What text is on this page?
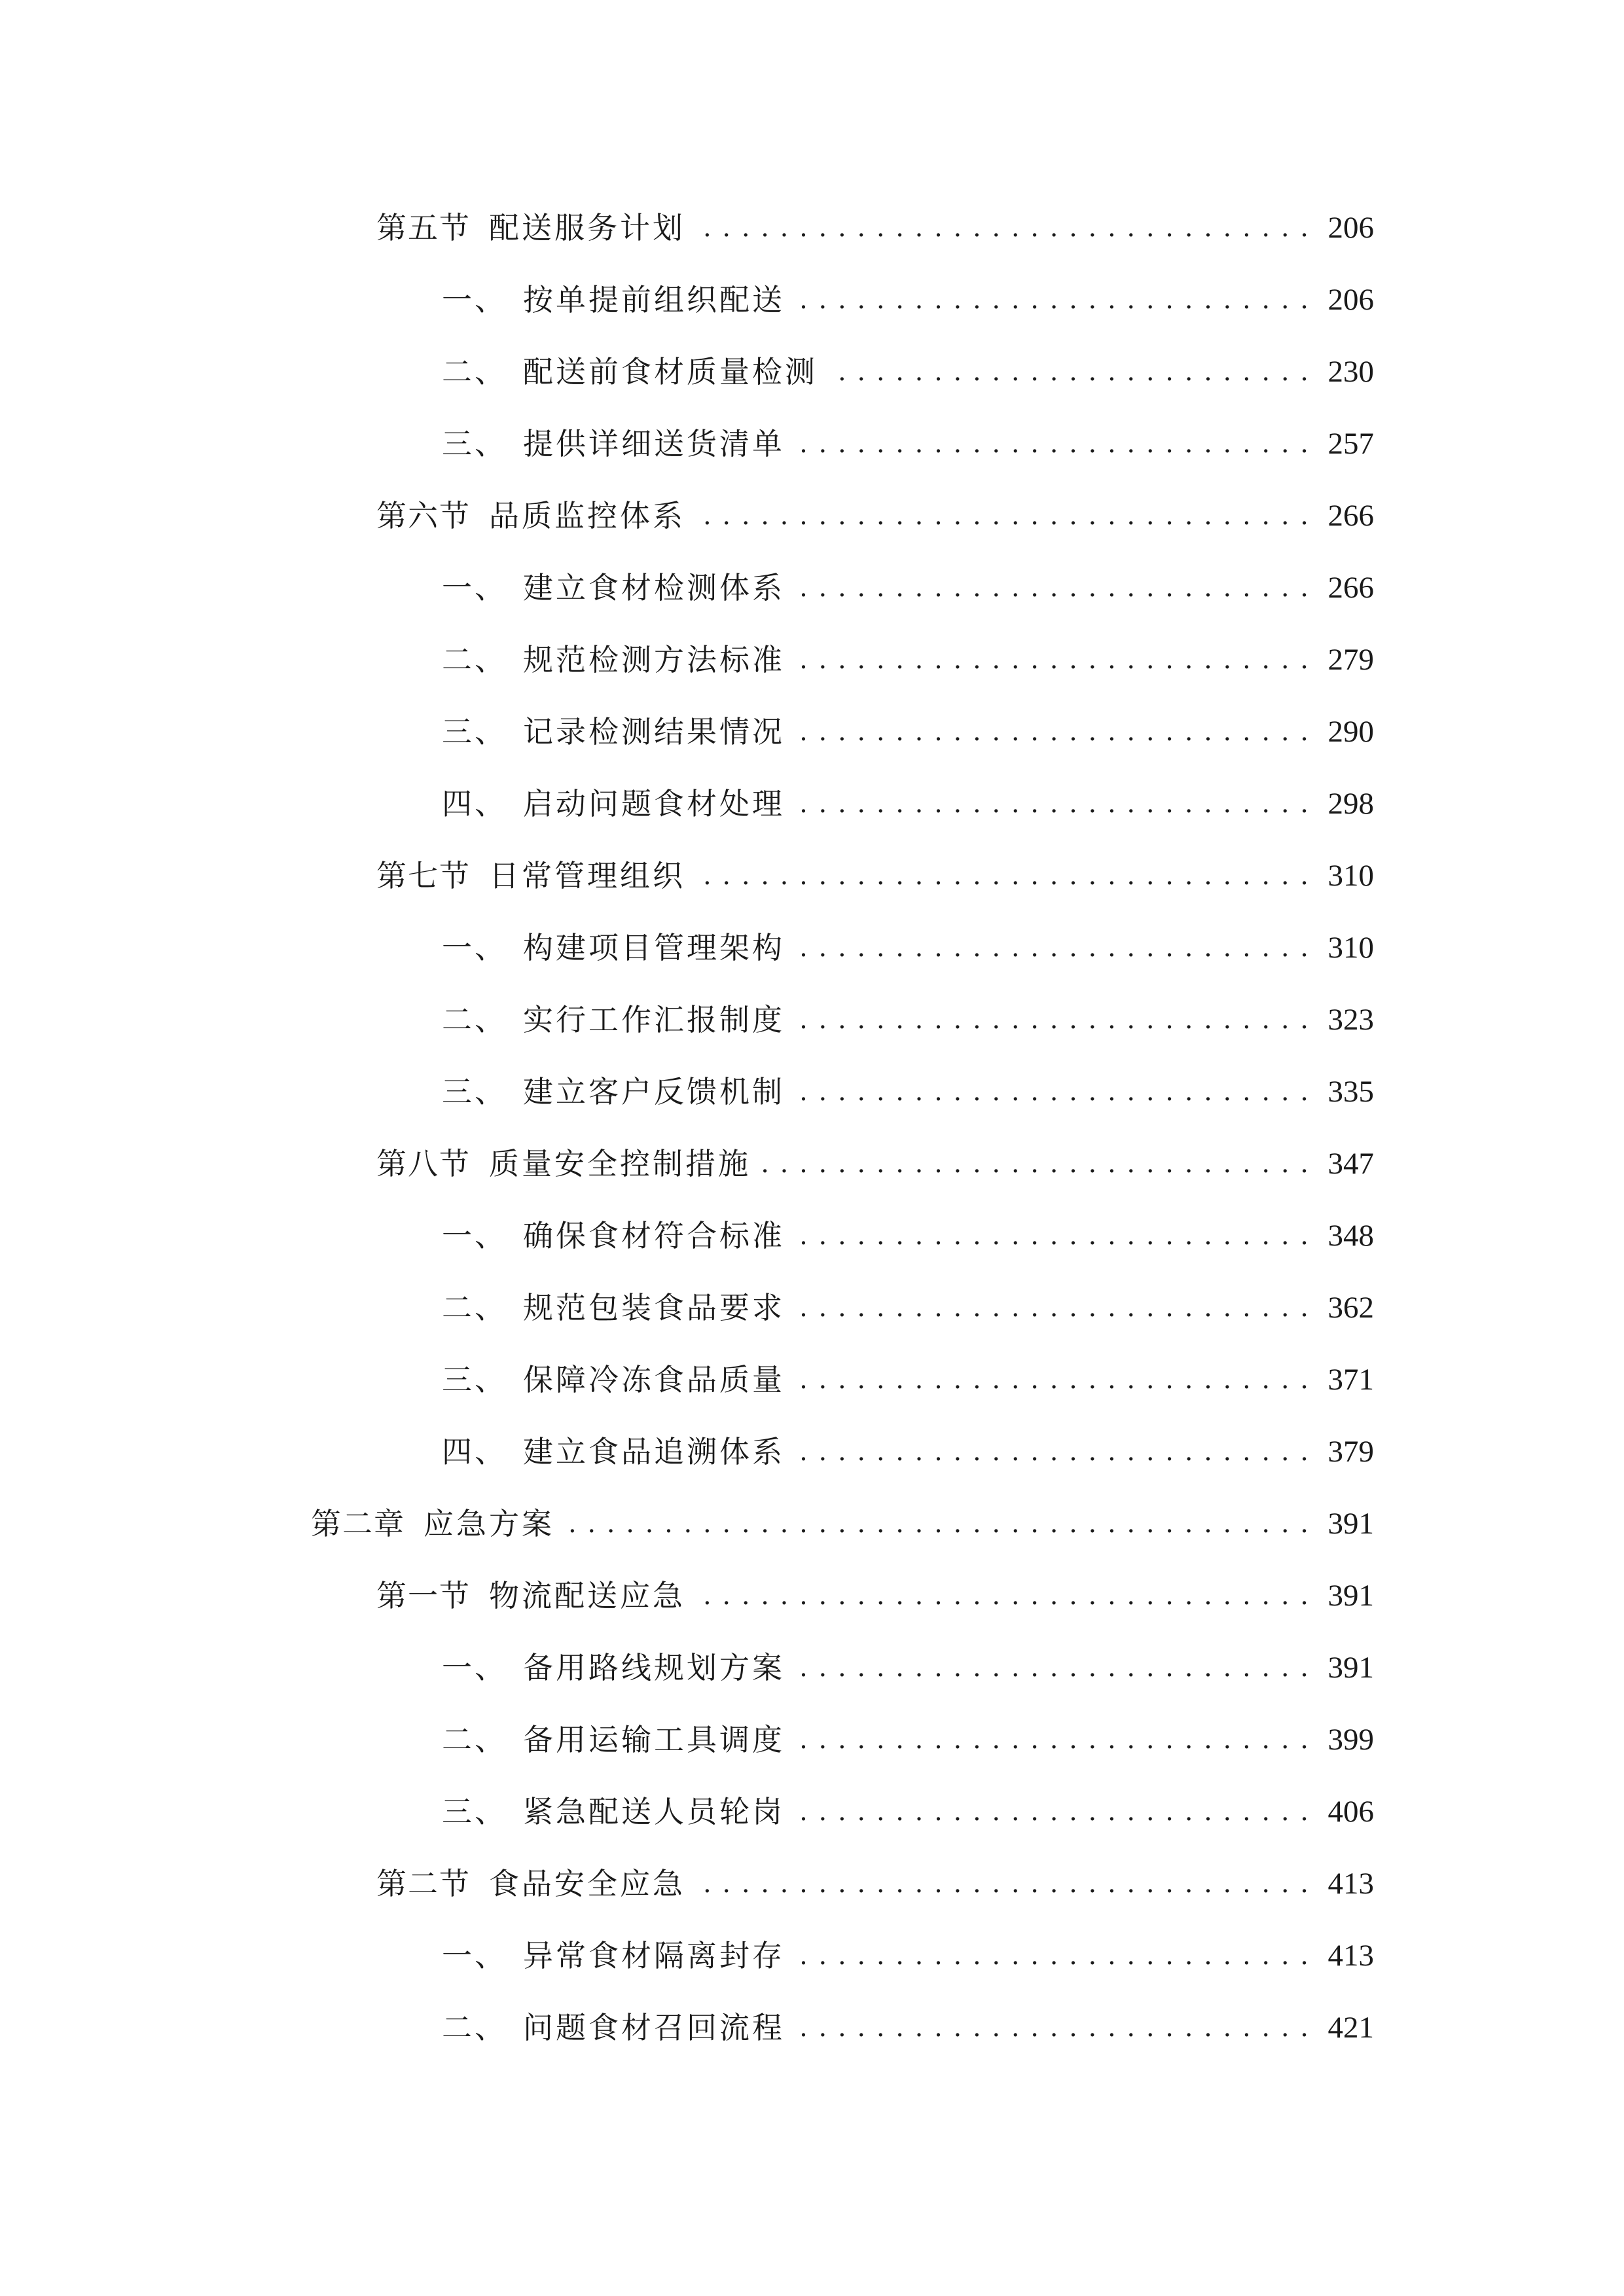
第五节 配送服务计划 . . .	206
一、 按单提前组织配送 . . .	206
二、 配送前食材质量检测 . . .	230
三、 提供详细送货清单 . . .	257
第六节 品质监控体系 . . .	266
一、 建立食材检测体系 . . .	266
二、 规范检测方法标准 . . .	279
三、 记录检测结果情况 . . .	290
四、 启动问题食材处理 . . .	298
第七节 日常管理组织 . . .	310
一、 构建项目管理架构 . . .	310
二、 实行工作汇报制度 . . .	323
三、 建立客户反馈机制 . . .	335
第八节 质量安全控制措施 . . .	347
一、 确保食材符合标准 . . .	348
二、 规范包装食品要求 . . .	362
三、 保障冷冻食品质量 . . .	371
四、 建立食品追溯体系 . . .	379
第二章 应急方案 . . .	391
第一节 物流配送应急 . . .	391
一、 备用路线规划方案 . . .	391
二、 备用运输工具调度 . . .	399
三、 紧急配送人员轮岗 . . .	406
第二节 食品安全应急 . . .	413
一、 异常食材隔离封存 . . .	413
二、 问题食材召回流程 . . .	421
